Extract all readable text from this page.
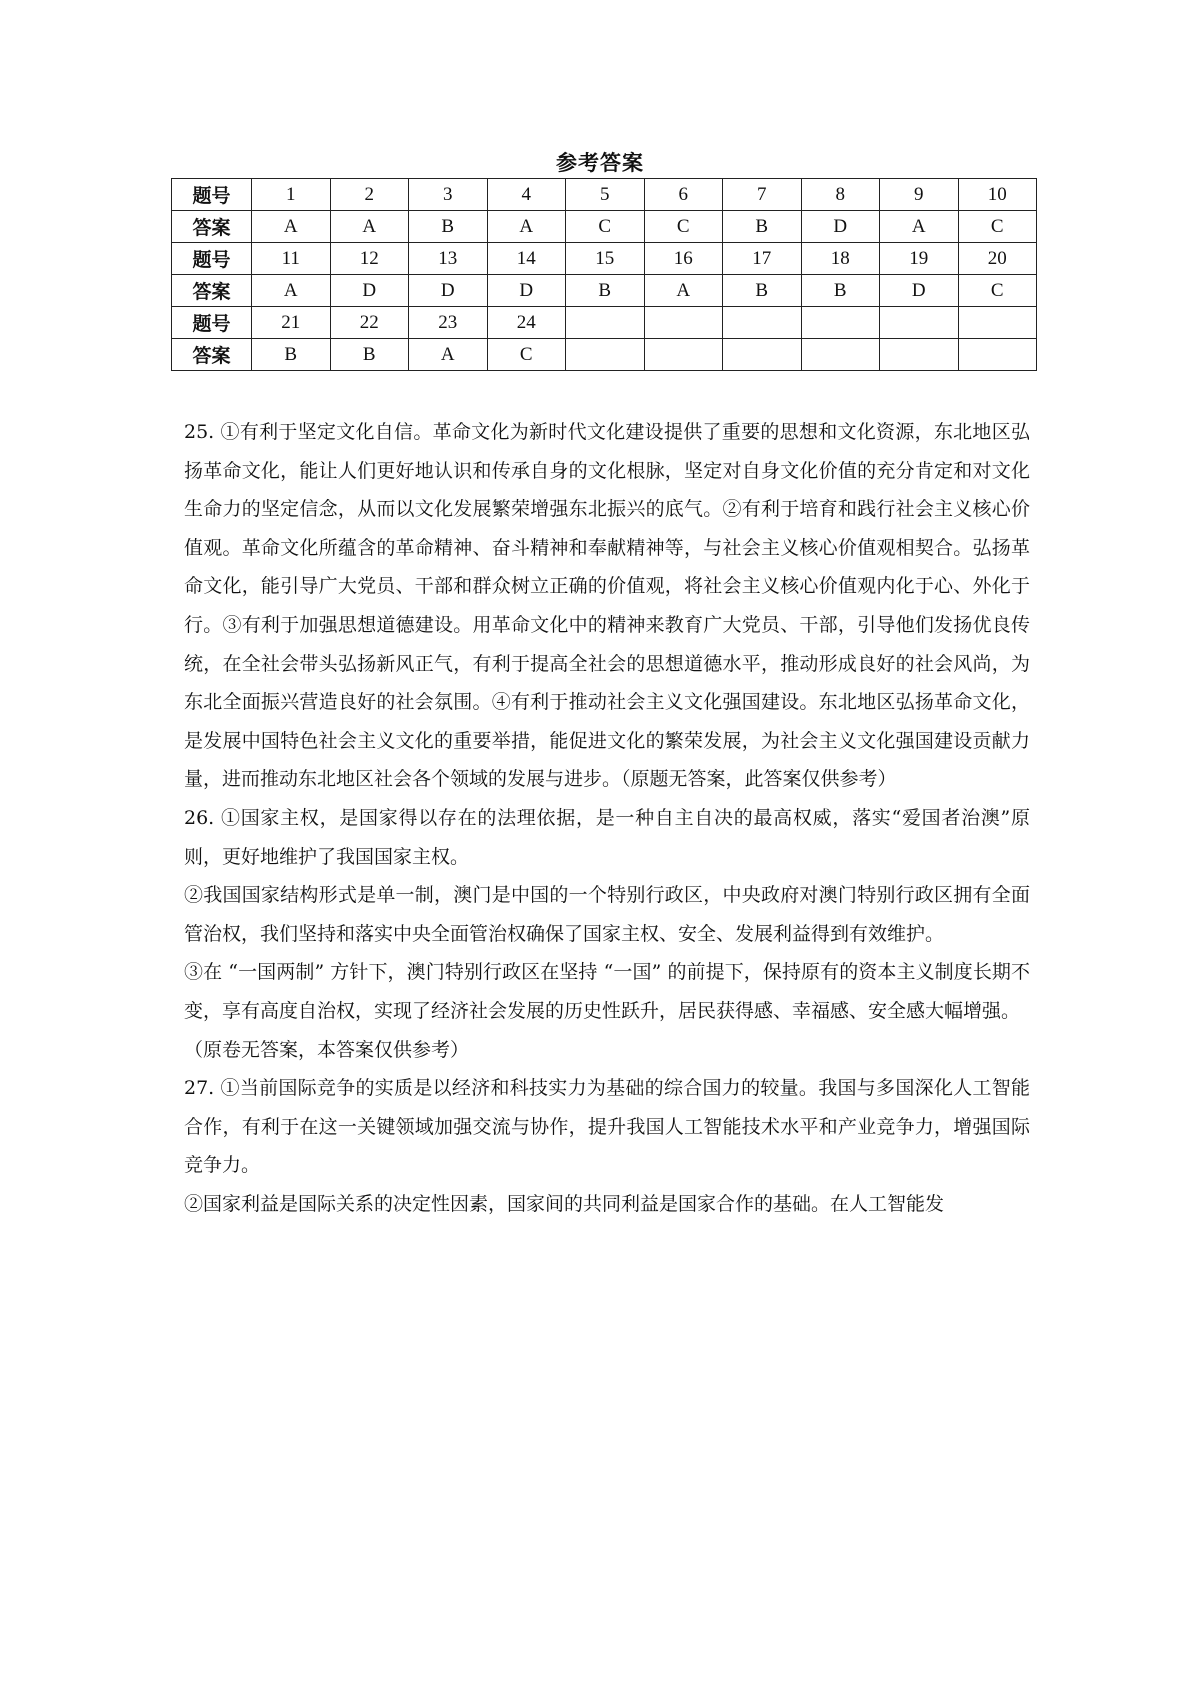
参考答案
题号	1	2	3	4	5	6	7	8	9	10
答案	A	A	B	A	C	C	B	D	A	C
题号	11	12	13	14	15	16	17	18	19	20
答案	A	D	D	D	B	A	B	B	D	C
题号	21	22	23	24						
答案	B	B	A	C						

25. ①有利于坚定文化自信。革命文化为新时代文化建设提供了重要的思想和文化资源，东北地区弘扬革命文化，能让人们更好地认识和传承自身的文化根脉，坚定对自身文化价值的充分肯定和对文化生命力的坚定信念，从而以文化发展繁荣增强东北振兴的底气。②有利于培育和践行社会主义核心价值观。革命文化所蕴含的革命精神、奋斗精神和奉献精神等，与社会主义核心价值观相契合。弘扬革命文化，能引导广大党员、干部和群众树立正确的价值观，将社会主义核心价值观内化于心、外化于行。③有利于加强思想道德建设。用革命文化中的精神来教育广大党员、干部，引导他们发扬优良传统，在全社会带头弘扬新风正气，有利于提高全社会的思想道德水平，推动形成良好的社会风尚，为东北全面振兴营造良好的社会氛围。④有利于推动社会主义文化强国建设。东北地区弘扬革命文化，是发展中国特色社会主义文化的重要举措，能促进文化的繁荣发展，为社会主义文化强国建设贡献力量，进而推动东北地区社会各个领域的发展与进步。（原题无答案，此答案仅供参考）

26. ①国家主权，是国家得以存在的法理依据，是一种自主自决的最高权威，落实“爱国者治澳”原则，更好地维护了我国国家主权。

②我国国家结构形式是单一制，澳门是中国的一个特别行政区，中央政府对澳门特别行政区拥有全面管治权，我们坚持和落实中央全面管治权确保了国家主权、安全、发展利益得到有效维护。

③在 “一国两制” 方针下，澳门特别行政区在坚持 “一国” 的前提下，保持原有的资本主义制度长期不变，享有高度自治权，实现了经济社会发展的历史性跃升，居民获得感、幸福感、安全感大幅增强。

（原卷无答案，本答案仅供参考）

27. ①当前国际竞争的实质是以经济和科技实力为基础的综合国力的较量。我国与多国深化人工智能合作，有利于在这一关键领域加强交流与协作，提升我国人工智能技术水平和产业竞争力，增强国际竞争力。

②国家利益是国际关系的决定性因素，国家间的共同利益是国家合作的基础。在人工智能发
